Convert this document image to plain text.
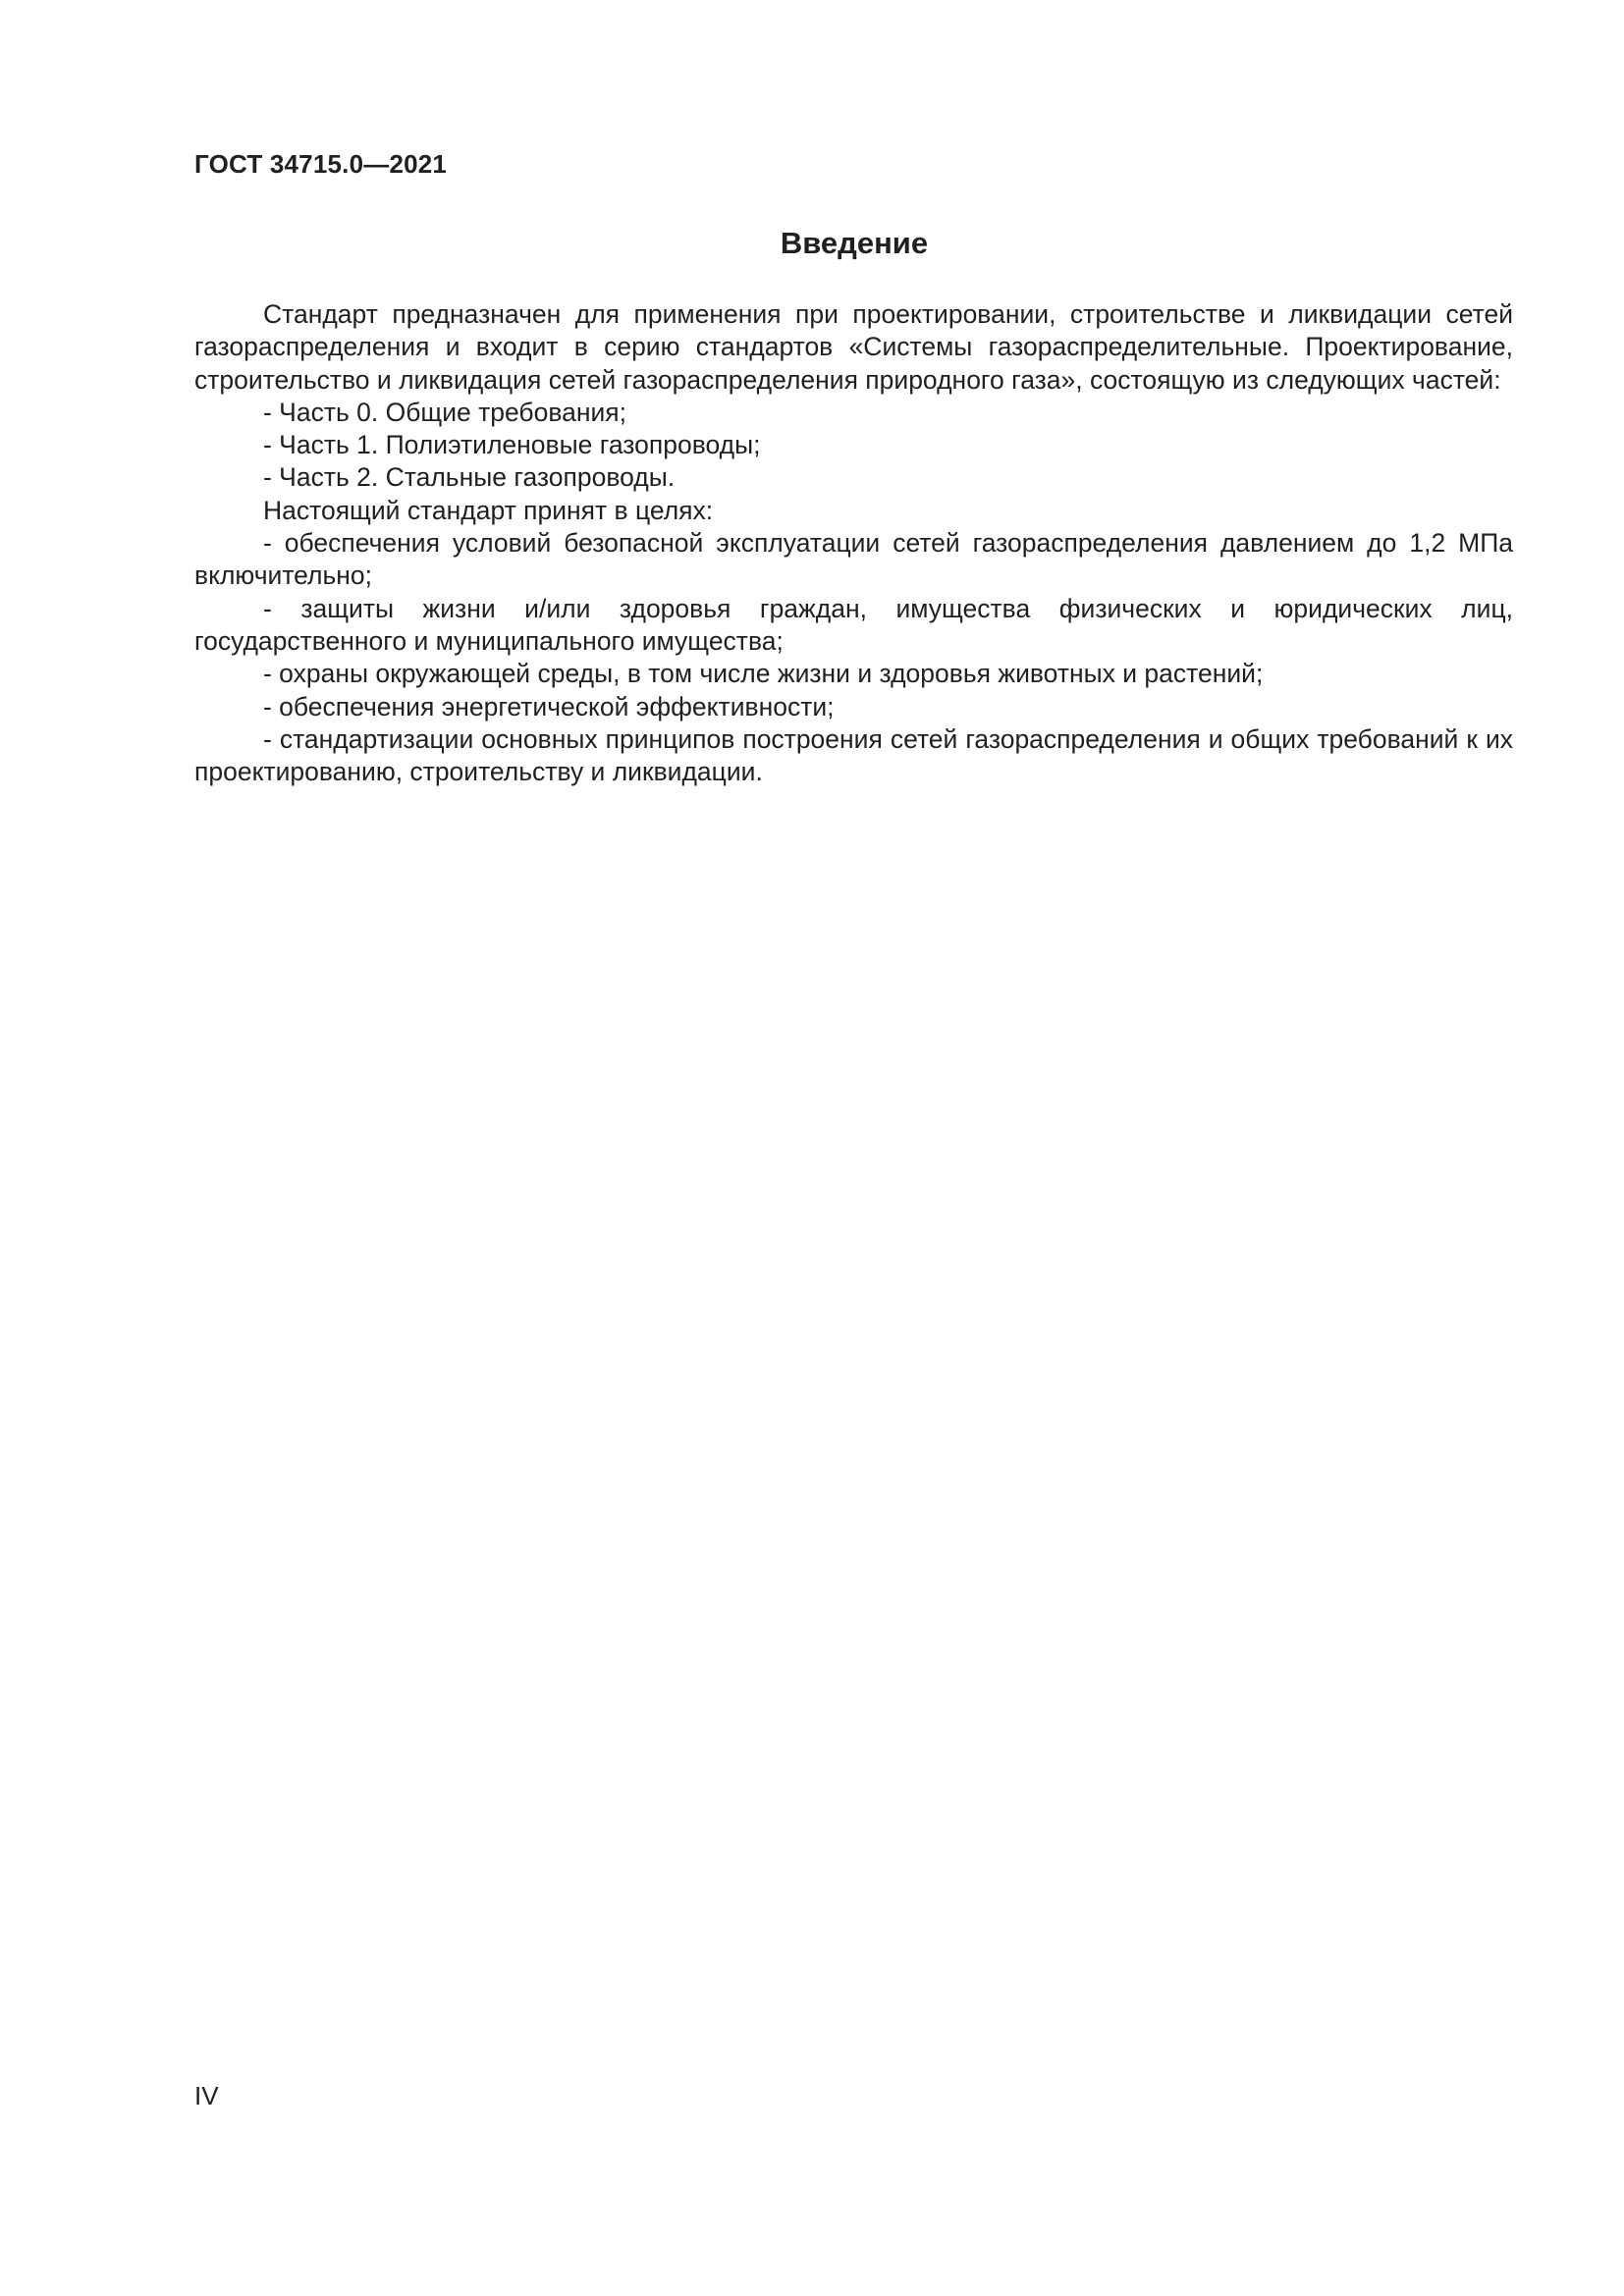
ГОСТ 34715.0—2021
Введение

Стандарт предназначен для применения при проектировании, строительстве и ликвидации сетей газораспределения и входит в серию стандартов «Системы газораспределительные. Проектирование, строительство и ликвидация сетей газораспределения природного газа», состоящую из следующих частей:

- Часть 0. Общие требования;

- Часть 1. Полиэтиленовые газопроводы;

- Часть 2. Стальные газопроводы.

Настоящий стандарт принят в целях:

- обеспечения условий безопасной эксплуатации сетей газораспределения давлением до 1,2 МПа включительно;

- защиты жизни и/или здоровья граждан, имущества физических и юридических лиц, государственного и муниципального имущества;

- охраны окружающей среды, в том числе жизни и здоровья животных и растений;

- обеспечения энергетической эффективности;

- стандартизации основных принципов построения сетей газораспределения и общих требований к их проектированию, строительству и ликвидации.

IV
